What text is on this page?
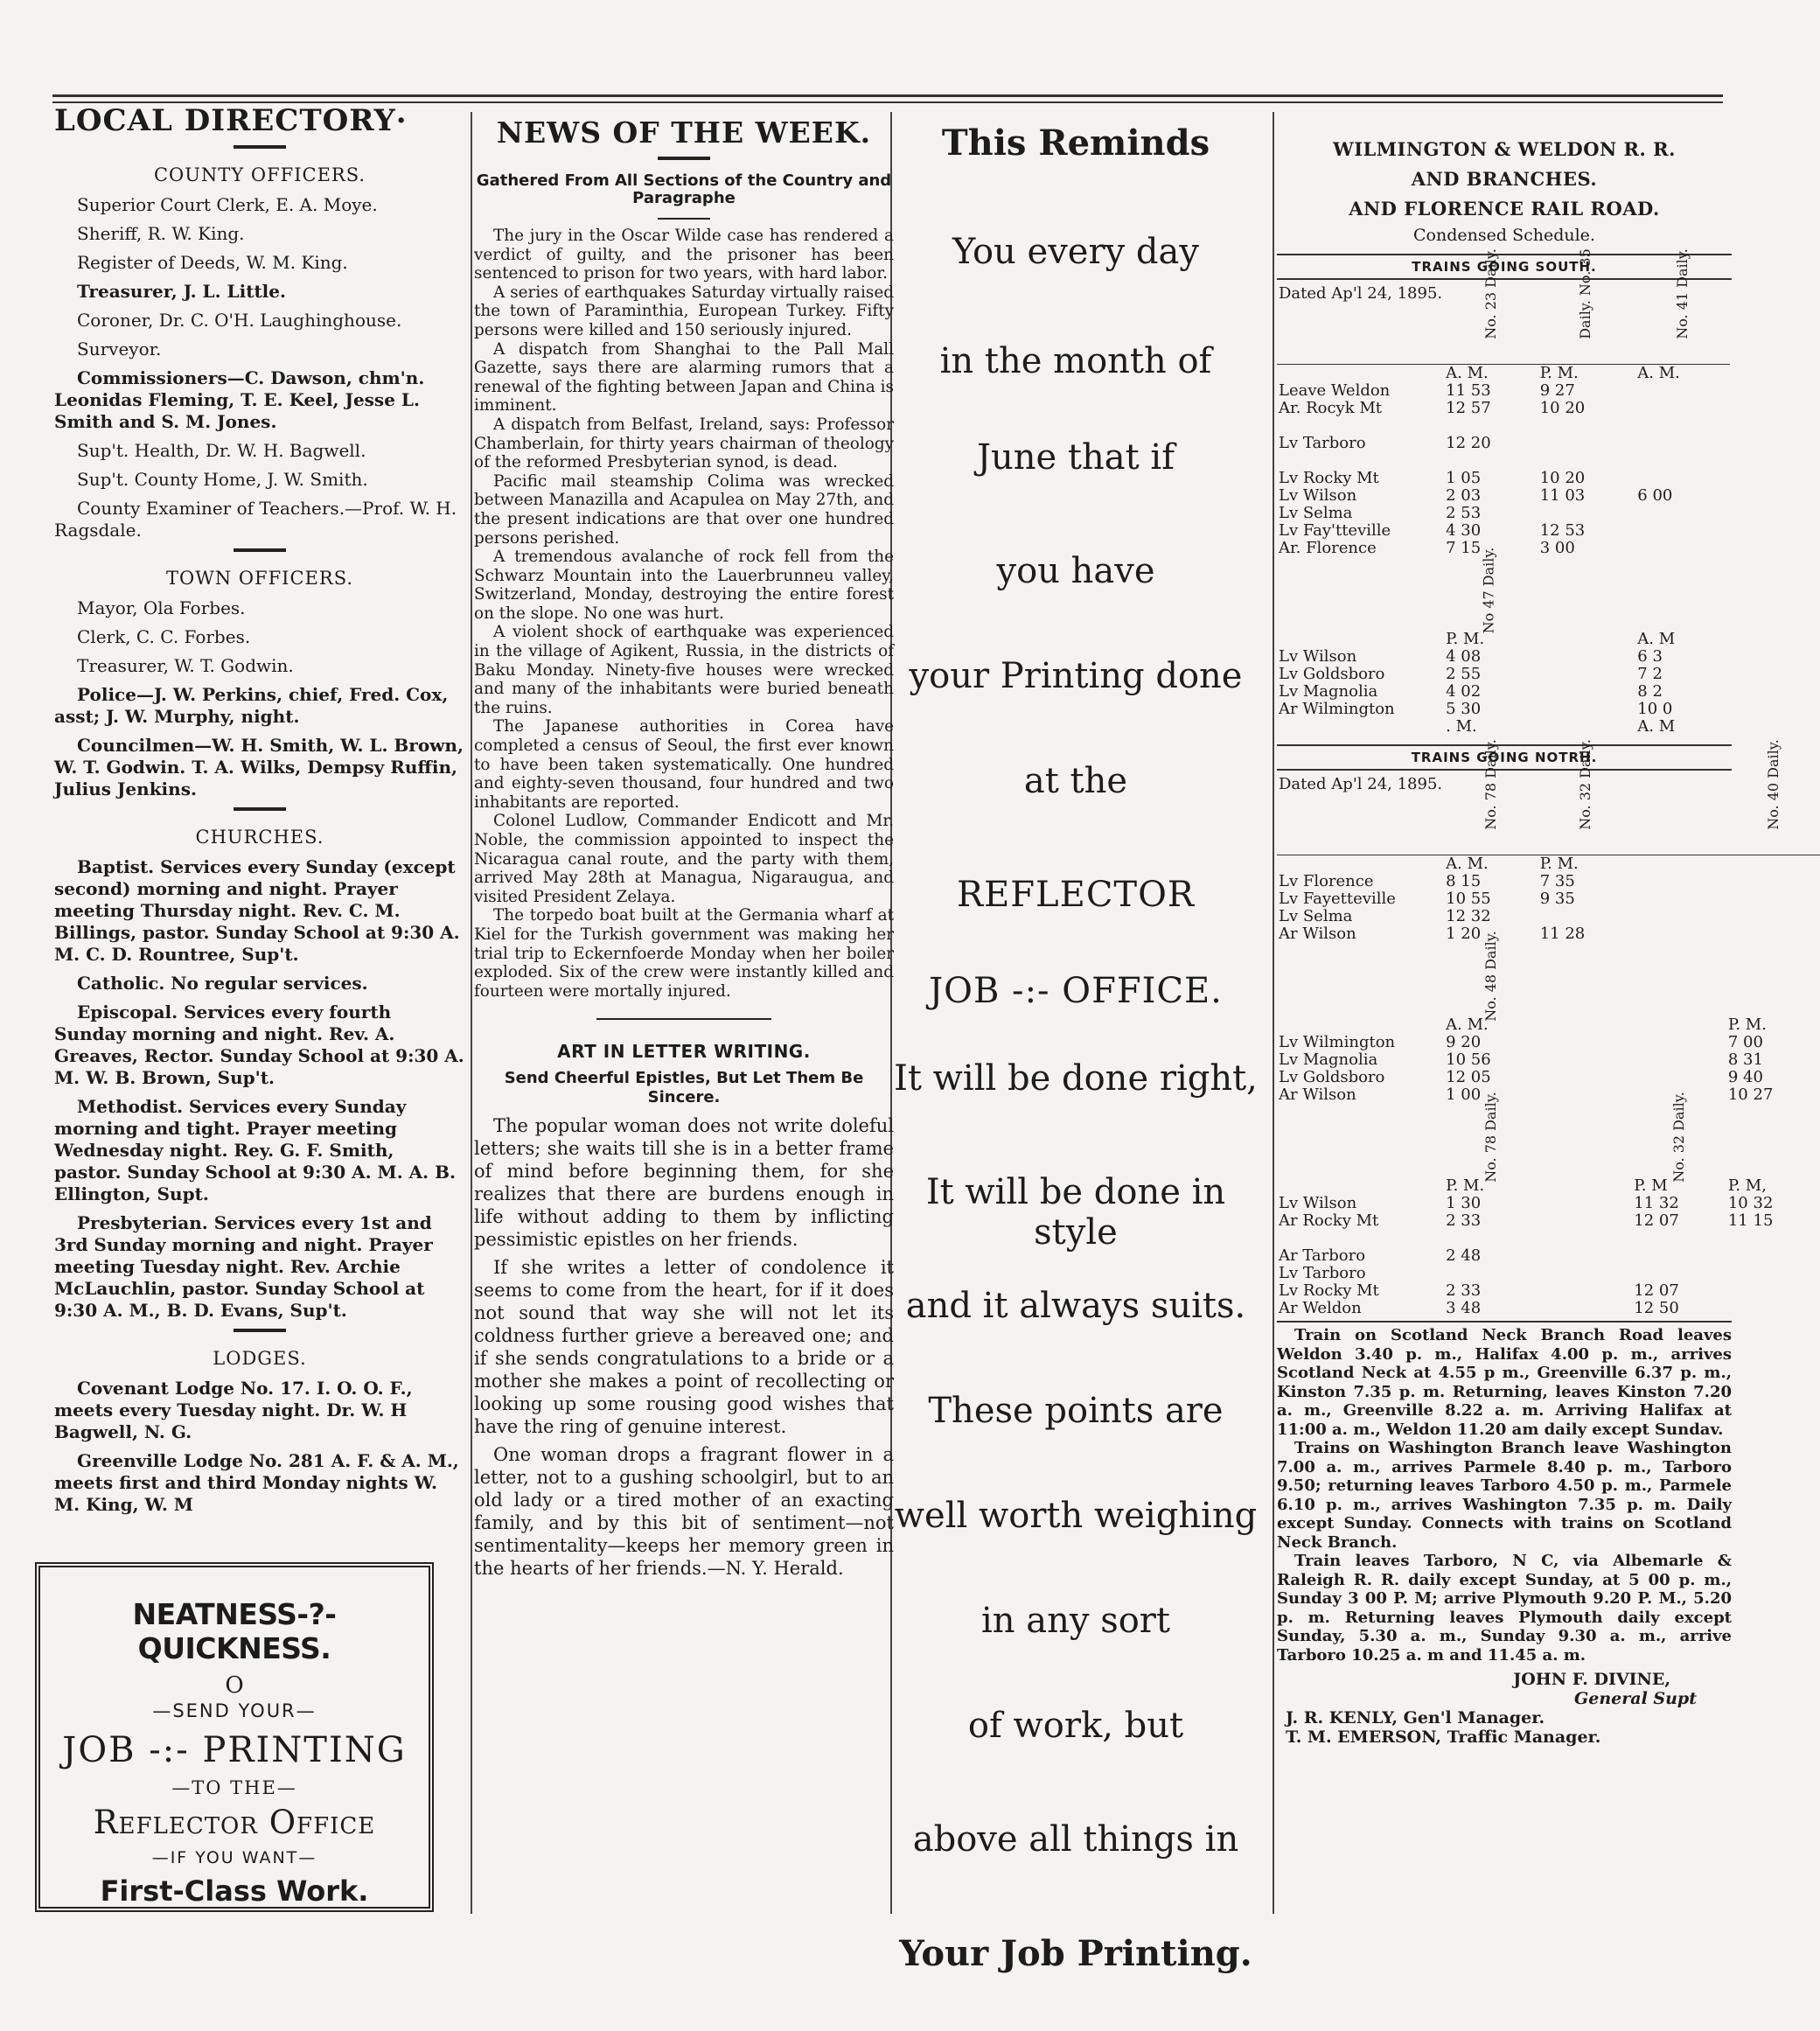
LOCAL DIRECTORY·
COUNTY OFFICERS.
Superior Court Clerk, E. A. Moye.
Sheriff, R. W. King.
Register of Deeds, W. M. King.
Treasurer, J. L. Little.
Coroner, Dr. C. O'H. Laughinghouse.
Surveyor.
Commissioners—C. Dawson, chm'n. Leonidas Fleming, T. E. Keel, Jesse L. Smith and S. M. Jones.
Sup't. Health, Dr. W. H. Bagwell.
Sup't. County Home, J. W. Smith.
County Examiner of Teachers.—Prof. W. H. Ragsdale.
TOWN OFFICERS.
Mayor, Ola Forbes.
Clerk, C. C. Forbes.
Treasurer, W. T. Godwin.
Police—J. W. Perkins, chief, Fred. Cox, asst; J. W. Murphy, night.
Councilmen—W. H. Smith, W. L. Brown, W. T. Godwin. T. A. Wilks, Dempsy Ruffin, Julius Jenkins.
CHURCHES.
Baptist. Services every Sunday (except second) morning and night. Prayer meeting Thursday night. Rev. C. M. Billings, pastor. Sunday School at 9:30 A. M. C. D. Rountree, Sup't.
Catholic. No regular services.
Episcopal. Services every fourth Sunday morning and night. Rev. A. Greaves, Rector. Sunday School at 9:30 A. M. W. B. Brown, Sup't.
Methodist. Services every Sunday morning and tight. Prayer meeting Wednesday night. Rey. G. F. Smith, pastor. Sunday School at 9:30 A. M. A. B. Ellington, Supt.
Presbyterian. Services every 1st and 3rd Sunday morning and night. Prayer meeting Tuesday night. Rev. Archie McLauchlin, pastor. Sunday School at 9:30 A. M., B. D. Evans, Sup't.
LODGES.
Covenant Lodge No. 17. I. O. O. F., meets every Tuesday night. Dr. W. H Bagwell, N. G.
Greenville Lodge No. 281 A. F. & A. M., meets first and third Monday nights W. M. King, W. M
NEATNESS-?-QUICKNESS.
O
—SEND YOUR—
JOB -:- PRINTING
—TO THE—
Reflector Office
—IF YOU WANT—
First-Class Work.
NEWS OF THE WEEK.
Gathered From All Sections of the Country and Paragraphe
The jury in the Oscar Wilde case has rendered a verdict of guilty, and the prisoner has been sentenced to prison for two years, with hard labor.
A series of earthquakes Saturday virtually raised the town of Paraminthia, European Turkey. Fifty persons were killed and 150 seriously injured.
A dispatch from Shanghai to the Pall Mall Gazette, says there are alarming rumors that a renewal of the fighting between Japan and China is imminent.
A dispatch from Belfast, Ireland, says: Professor Chamberlain, for thirty years chairman of theology of the reformed Presbyterian synod, is dead.
Pacific mail steamship Colima was wrecked between Manazilla and Acapulea on May 27th, and the present indications are that over one hundred persons perished.
A tremendous avalanche of rock fell from the Schwarz Mountain into the Lauerbrunneu valley, Switzerland, Monday, destroying the entire forest on the slope. No one was hurt.
A violent shock of earthquake was experienced in the village of Agikent, Russia, in the districts of Baku Monday. Ninety-five houses were wrecked and many of the inhabitants were buried beneath the ruins.
The Japanese authorities in Corea have completed a census of Seoul, the first ever known to have been taken systematically. One hundred and eighty-seven thousand, four hundred and two inhabitants are reported.
Colonel Ludlow, Commander Endicott and Mr. Noble, the commission appointed to inspect the Nicaragua canal route, and the party with them, arrived May 28th at Managua, Nigaraugua, and visited President Zelaya.
The torpedo boat built at the Germania wharf at Kiel for the Turkish government was making her trial trip to Eckernfoerde Monday when her boiler exploded. Six of the crew were instantly killed and fourteen were mortally injured.
ART IN LETTER WRITING.
Send Cheerful Epistles, But Let Them Be Sincere.
The popular woman does not write doleful letters; she waits till she is in a better frame of mind before beginning them, for she realizes that there are burdens enough in life without adding to them by inflicting pessimistic epistles on her friends.
If she writes a letter of condolence it seems to come from the heart, for if it does not sound that way she will not let its coldness further grieve a bereaved one; and if she sends congratulations to a bride or a mother she makes a point of recollecting or looking up some rousing good wishes that have the ring of genuine interest.
One woman drops a fragrant flower in a letter, not to a gushing schoolgirl, but to an old lady or a tired mother of an exacting family, and by this bit of sentiment—not sentimentality—keeps her memory green in the hearts of her friends.—N. Y. Herald.
This Reminds
You every day
in the month of
June that if
you have
your Printing done
at the
REFLECTOR
JOB -:- OFFICE.
It will be done right,
It will be done in style
and it always suits.
These points are
well worth weighing
in any sort
of work, but
above all things in
Your Job Printing.
WILMINGTON & WELDON R. R.
AND BRANCHES.
AND FLORENCE RAIL ROAD.
Condensed Schedule.
TRAINS GOING SOUTH.
Dated Ap'l 24, 1895.	No. 23 Daily.	Daily. No. 35		No. 41 Daily.
	A. M.	P. M.		A. M.
Leave Weldon	11 53	9 27		
Ar. Rocyk Mt	12 57	10 20		

Lv Tarboro	12 20			

Lv Rocky Mt	1 05	10 20		
Lv Wilson	2 03	11 03		6 00
Lv Selma	2 53			
Lv Fay'tteville	4 30	12 53		
Ar. Florence	7 15	3 00		
	No 47 Daily.			
	P. M.			A. M
Lv Wilson	4 08			6 3
Lv Goldsboro	2 55			7 2
Lv Magnolia	4 02			8 2
Ar Wilmington	5 30			10 0
	. M.			A. M
TRAINS GOING NOTRH.
Dated Ap'l 24, 1895.	No. 78 Daily.	No. 32 Daily.		No. 40 Daily.
	A. M.	P. M.		
Lv Florence	8 15	7 35		
Lv Fayetteville	10 55	9 35		
Lv Selma	12 32			
Ar Wilson	1 20	11 28		
	No. 48 Daily.			
	A. M.			P. M.
Lv Wilmington	9 20			7 00
Lv Magnolia	10 56			8 31
Lv Goldsboro	12 05			9 40
Ar Wilson	1 00			10 27
	No. 78 Daily.		No. 32 Daily.	
	P. M.		P. M	P. M,
Lv Wilson	1 30		11 32	10 32
Ar Rocky Mt	2 33		12 07	11 15

Ar Tarboro	2 48			
Lv Tarboro				
Lv Rocky Mt	2 33		12 07	
Ar Weldon	3 48		12 50	
Train on Scotland Neck Branch Road leaves Weldon 3.40 p. m., Halifax 4.00 p. m., arrives Scotland Neck at 4.55 p m., Greenville 6.37 p. m., Kinston 7.35 p. m. Returning, leaves Kinston 7.20 a. m., Greenville 8.22 a. m. Arriving Halifax at 11:00 a. m., Weldon 11.20 am daily except Sundav.
Trains on Washington Branch leave Washington 7.00 a. m., arrives Parmele 8.40 p. m., Tarboro 9.50; returning leaves Tarboro 4.50 p. m., Parmele 6.10 p. m., arrives Washington 7.35 p. m. Daily except Sunday. Connects with trains on Scotland Neck Branch.
Train leaves Tarboro, N C, via Albemarle & Raleigh R. R. daily except Sunday, at 5 00 p. m., Sunday 3 00 P. M; arrive Plymouth 9.20 P. M., 5.20 p. m. Returning leaves Plymouth daily except Sunday, 5.30 a. m., Sunday 9.30 a. m., arrive Tarboro 10.25 a. m and 11.45 a. m.
JOHN F. DIVINE,
General Supt
J. R. KENLY, Gen'l Manager.
T. M. EMERSON, Traffic Manager.
